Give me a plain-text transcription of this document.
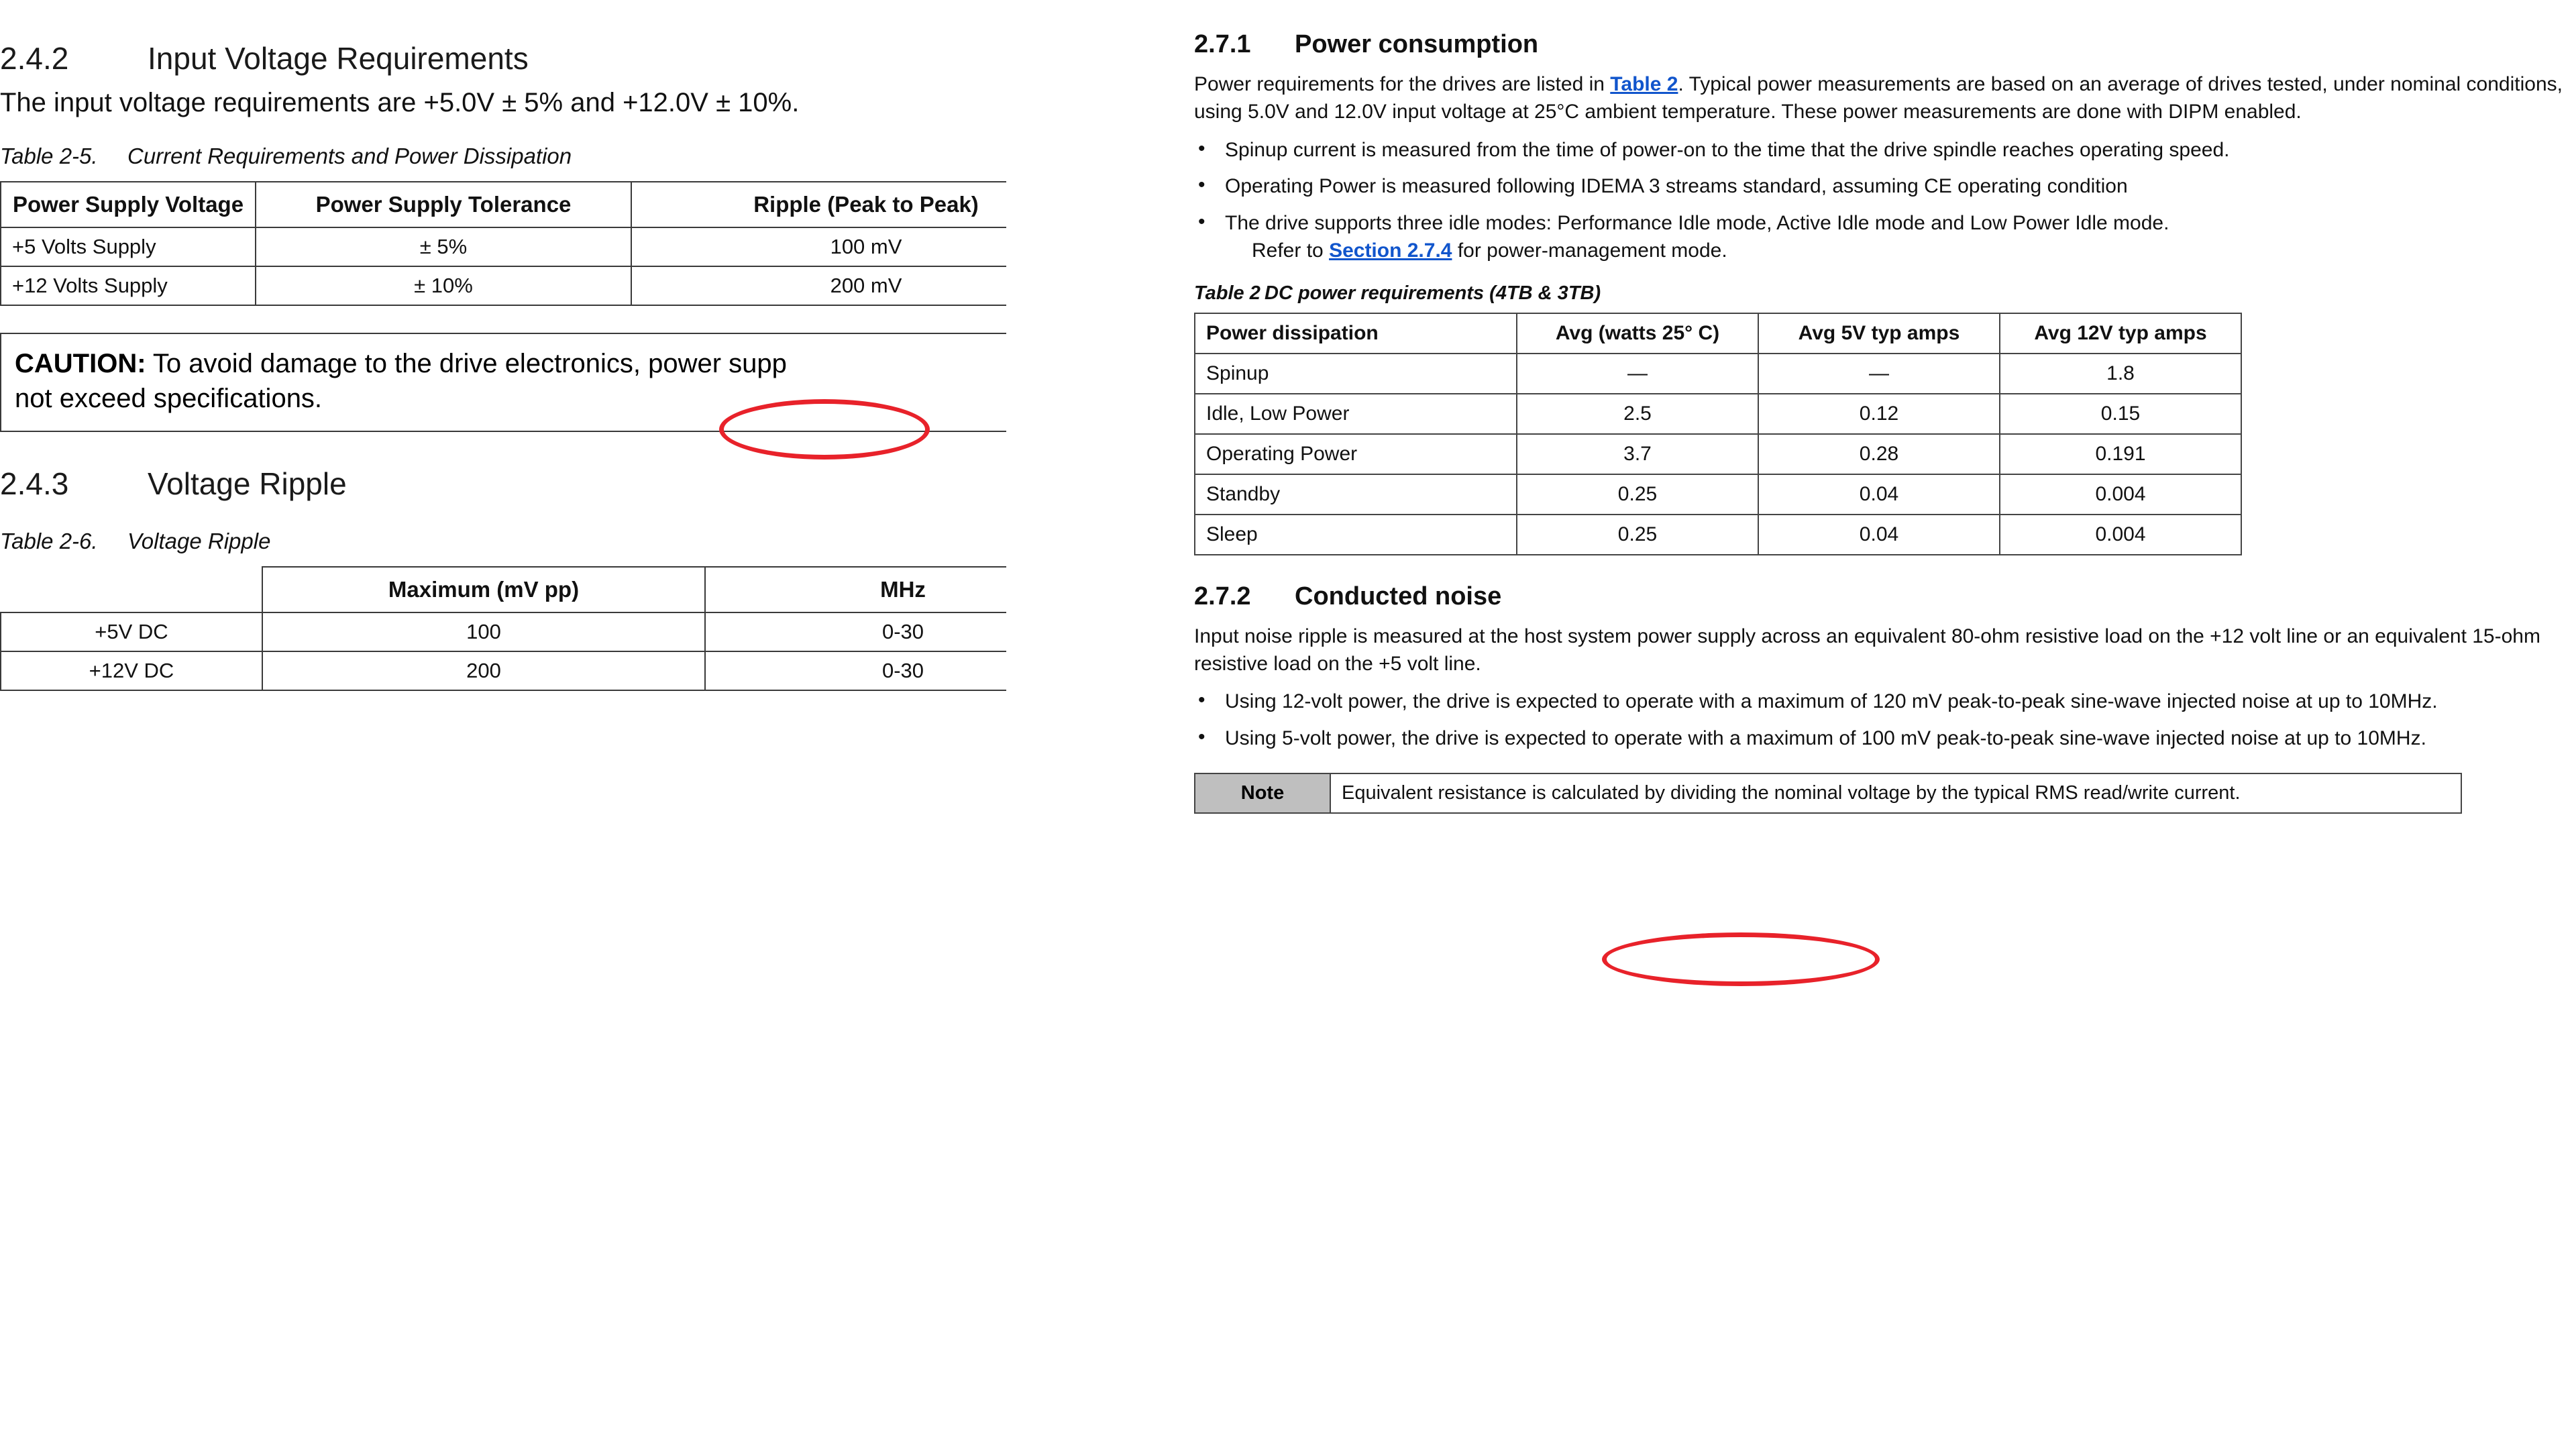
2.4.2	Input Voltage Requirements

The input voltage requirements are +5.0V ± 5% and +12.0V ± 10%.

Table 2-5.	Current Requirements and Power Dissipation
Power Supply Voltage	Power Supply Tolerance	Ripple (Peak to Peak)
+5 Volts Supply	± 5%	100 mV
+12 Volts Supply	± 10%	200 mV
CAUTION: To avoid damage to the drive electronics, power supp
not exceed specifications.
2.4.3	Voltage Ripple
Table 2-6.	Voltage Ripple
	Maximum (mV pp)	MHz
+5V DC	100	0-30
+12V DC	200	0-30
2.7.1	Power consumption

Power requirements for the drives are listed in Table 2. Typical power measurements are based on an average of drives tested, under nominal conditions, using 5.0V and 12.0V input voltage at 25°C ambient temperature. These power measurements are done with DIPM enabled.

• Spinup current is measured from the time of power-on to the time that the drive spindle reaches operating speed.
• Operating Power is measured following IDEMA 3 streams standard, assuming CE operating condition
• The drive supports three idle modes: Performance Idle mode, Active Idle mode and Low Power Idle mode.
Refer to Section 2.7.4 for power-management mode.
Table 2 DC power requirements (4TB & 3TB)
Power dissipation	Avg (watts 25° C)	Avg 5V typ amps	Avg 12V typ amps
Spinup	—	—	1.8
Idle, Low Power	2.5	0.12	0.15
Operating Power	3.7	0.28	0.191
Standby	0.25	0.04	0.004
Sleep	0.25	0.04	0.004
2.7.2	Conducted noise

Input noise ripple is measured at the host system power supply across an equivalent 80-ohm resistive load on the +12 volt line or an equivalent 15-ohm resistive load on the +5 volt line.

• Using 12-volt power, the drive is expected to operate with a maximum of 120 mV peak-to-peak sine-wave injected noise at up to 10MHz.
• Using 5-volt power, the drive is expected to operate with a maximum of 100 mV peak-to-peak sine-wave injected noise at up to 10MHz.
Note	Equivalent resistance is calculated by dividing the nominal voltage by the typical RMS read/write current.
